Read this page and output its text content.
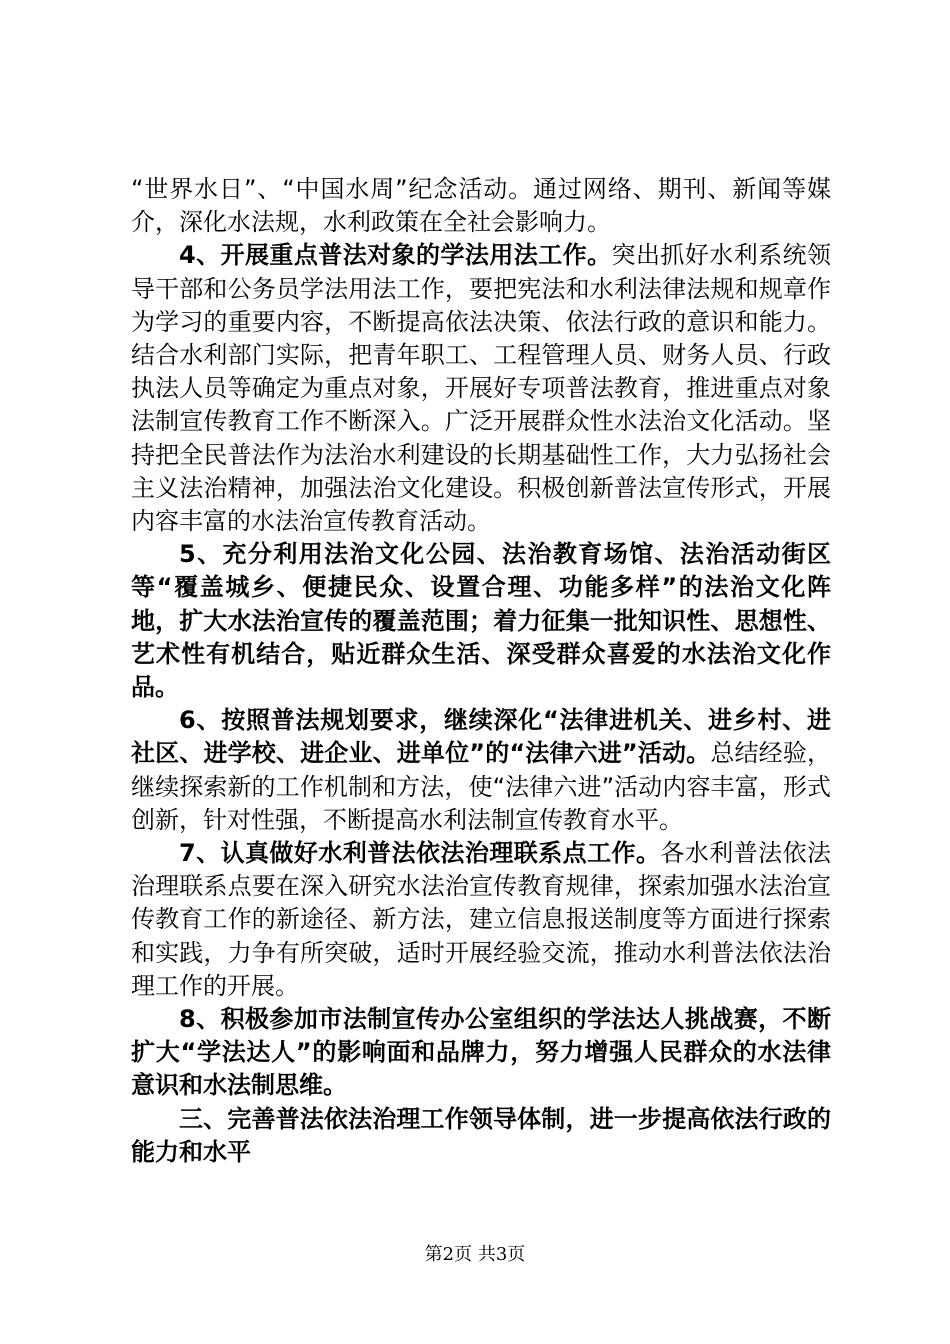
“世界水日”、“中国水周”纪念活动。通过网络、期刊、新闻等媒介，深化水法规，水利政策在全社会影响力。

4、开展重点普法对象的学法用法工作。突出抓好水利系统领导干部和公务员学法用法工作，要把宪法和水利法律法规和规章作为学习的重要内容，不断提高依法决策、依法行政的意识和能力。结合水利部门实际，把青年职工、工程管理人员、财务人员、行政执法人员等确定为重点对象，开展好专项普法教育，推进重点对象法制宣传教育工作不断深入。广泛开展群众性水法治文化活动。坚持把全民普法作为法治水利建设的长期基础性工作，大力弘扬社会主义法治精神，加强法治文化建设。积极创新普法宣传形式，开展内容丰富的水法治宣传教育活动。

5、充分利用法治文化公园、法治教育场馆、法治活动街区等“覆盖城乡、便捷民众、设置合理、功能多样”的法治文化阵地，扩大水法治宣传的覆盖范围；着力征集一批知识性、思想性、艺术性有机结合，贴近群众生活、深受群众喜爱的水法治文化作品。

6、按照普法规划要求，继续深化“法律进机关、进乡村、进社区、进学校、进企业、进单位”的“法律六进”活动。总结经验，继续探索新的工作机制和方法，使“法律六进”活动内容丰富，形式创新，针对性强，不断提高水利法制宣传教育水平。

7、认真做好水利普法依法治理联系点工作。各水利普法依法治理联系点要在深入研究水法治宣传教育规律，探索加强水法治宣传教育工作的新途径、新方法，建立信息报送制度等方面进行探索和实践，力争有所突破，适时开展经验交流，推动水利普法依法治理工作的开展。

8、积极参加市法制宣传办公室组织的学法达人挑战赛，不断扩大“学法达人”的影响面和品牌力，努力增强人民群众的水法律意识和水法制思维。

三、完善普法依法治理工作领导体制，进一步提高依法行政的能力和水平

第2页 共3页
